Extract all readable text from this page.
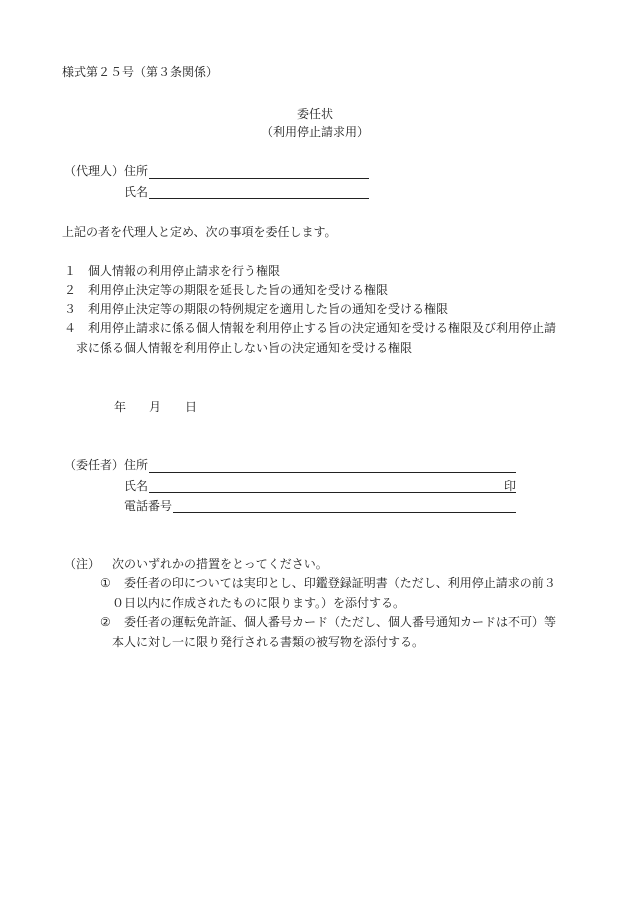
様式第２５号（第３条関係）
委任状
（利用停止請求用）
（代理人） 住所
氏名
上記の者を代理人と定め、次の事項を委任します。
１ 個人情報の利用停止請求を行う権限
２ 利用停止決定等の期限を延長した旨の通知を受ける権限
３ 利用停止決定等の期限の特例規定を適用した旨の通知を受ける権限
４ 利用停止請求に係る個人情報を利用停止する旨の決定通知を受ける権限及び利用停止請
求に係る個人情報を利用停止しない旨の決定通知を受ける権限
年 月 日
（委任者） 住所
氏名	印
電話番号
（注） 次のいずれかの措置をとってください。
① 委任者の印については実印とし、印鑑登録証明書（ただし、利用停止請求の前３
０日以内に作成されたものに限ります。）を添付する。
② 委任者の運転免許証、個人番号カード（ただし、個人番号通知カードは不可）等
本人に対し一に限り発行される書類の被写物を添付する。
